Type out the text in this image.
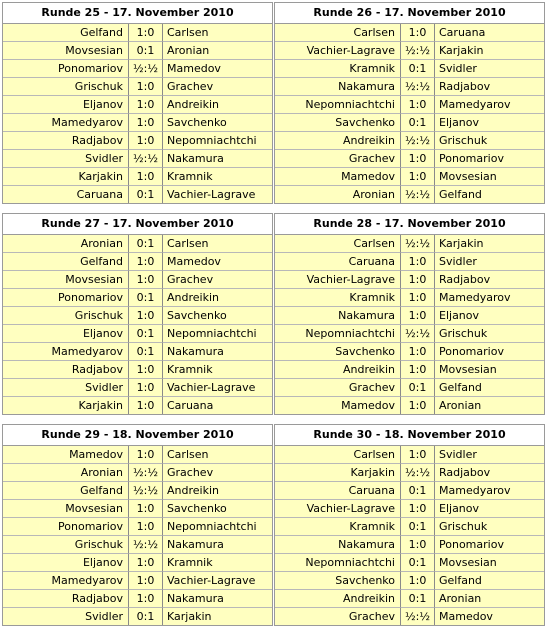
Runde 25 - 17. November 2010
Gelfand	1:0	Carlsen
Movsesian	0:1	Aronian
Ponomariov	½:½	Mamedov
Grischuk	1:0	Grachev
Eljanov	1:0	Andreikin
Mamedyarov	1:0	Savchenko
Radjabov	1:0	Nepomniachtchi
Svidler	½:½	Nakamura
Karjakin	1:0	Kramnik
Caruana	0:1	Vachier-Lagrave
Runde 26 - 17. November 2010
Carlsen	1:0	Caruana
Vachier-Lagrave	½:½	Karjakin
Kramnik	0:1	Svidler
Nakamura	½:½	Radjabov
Nepomniachtchi	1:0	Mamedyarov
Savchenko	0:1	Eljanov
Andreikin	½:½	Grischuk
Grachev	1:0	Ponomariov
Mamedov	1:0	Movsesian
Aronian	½:½	Gelfand
Runde 27 - 17. November 2010
Aronian	0:1	Carlsen
Gelfand	1:0	Mamedov
Movsesian	1:0	Grachev
Ponomariov	0:1	Andreikin
Grischuk	1:0	Savchenko
Eljanov	0:1	Nepomniachtchi
Mamedyarov	0:1	Nakamura
Radjabov	1:0	Kramnik
Svidler	1:0	Vachier-Lagrave
Karjakin	1:0	Caruana
Runde 28 - 17. November 2010
Carlsen	½:½	Karjakin
Caruana	1:0	Svidler
Vachier-Lagrave	1:0	Radjabov
Kramnik	1:0	Mamedyarov
Nakamura	1:0	Eljanov
Nepomniachtchi	½:½	Grischuk
Savchenko	1:0	Ponomariov
Andreikin	1:0	Movsesian
Grachev	0:1	Gelfand
Mamedov	1:0	Aronian
Runde 29 - 18. November 2010
Mamedov	1:0	Carlsen
Aronian	½:½	Grachev
Gelfand	½:½	Andreikin
Movsesian	1:0	Savchenko
Ponomariov	1:0	Nepomniachtchi
Grischuk	½:½	Nakamura
Eljanov	1:0	Kramnik
Mamedyarov	1:0	Vachier-Lagrave
Radjabov	1:0	Nakamura
Svidler	0:1	Karjakin
Runde 30 - 18. November 2010
Carlsen	1:0	Svidler
Karjakin	½:½	Radjabov
Caruana	0:1	Mamedyarov
Vachier-Lagrave	1:0	Eljanov
Kramnik	0:1	Grischuk
Nakamura	1:0	Ponomariov
Nepomniachtchi	0:1	Movsesian
Savchenko	1:0	Gelfand
Andreikin	0:1	Aronian
Grachev	½:½	Mamedov
